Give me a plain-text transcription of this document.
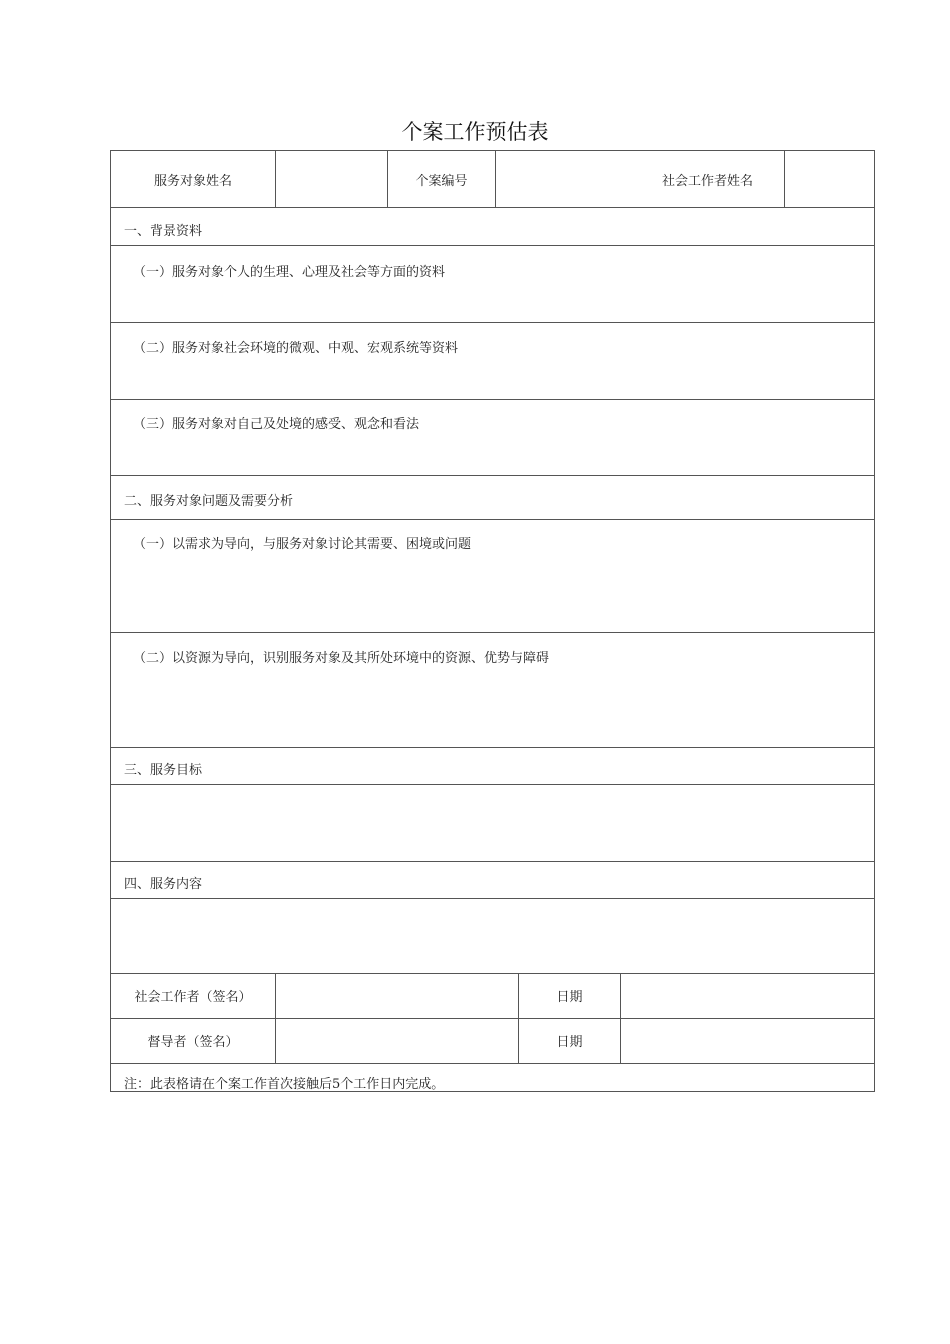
个案工作预估表
服务对象姓名	个案编号	社会工作者姓名
一、背景资料
（一）服务对象个人的生理、心理及社会等方面的资料
（二）服务对象社会环境的微观、中观、宏观系统等资料
（三）服务对象对自己及处境的感受、观念和看法
二、服务对象问题及需要分析
（一）以需求为导向，与服务对象讨论其需要、困境或问题
（二）以资源为导向，识别服务对象及其所处环境中的资源、优势与障碍
三、服务目标
四、服务内容
社会工作者（签名）	日期
督导者（签名）	日期
注：此表格请在个案工作首次接触后5个工作日内完成。
